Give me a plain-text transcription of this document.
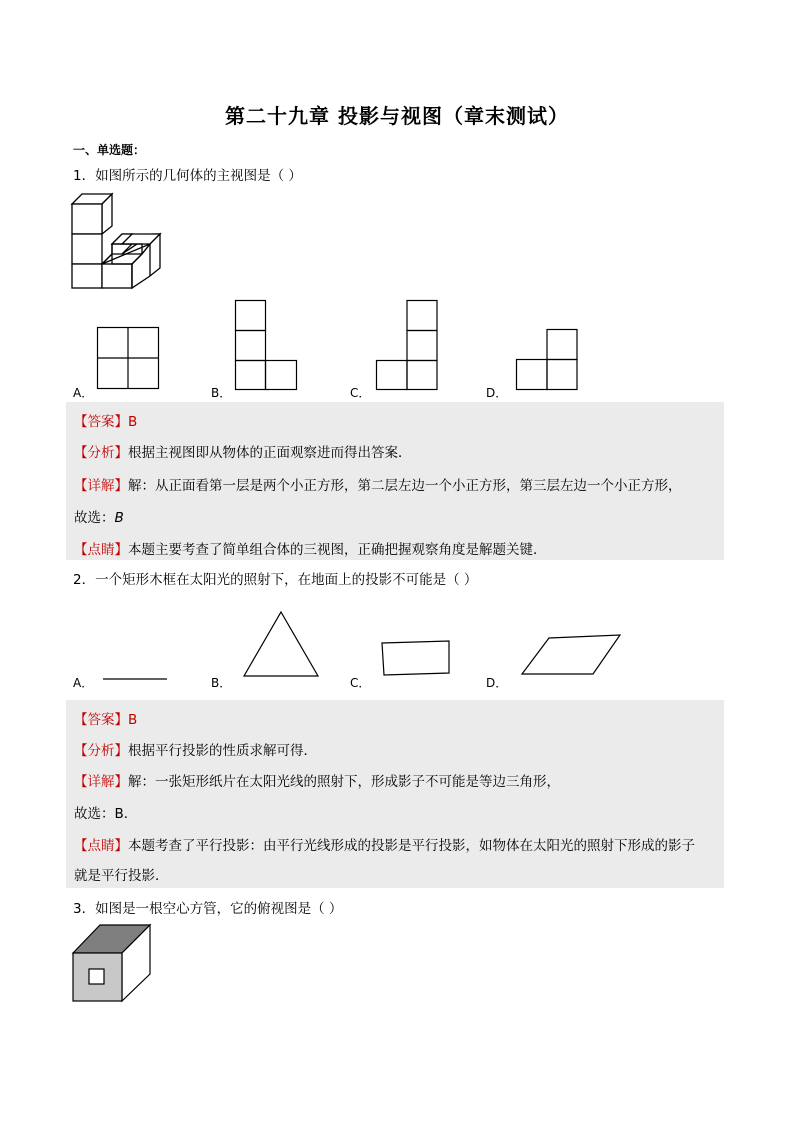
第二十九章 投影与视图（章末测试）
一、单选题：
1．如图所示的几何体的主视图是（ ）
A．	B．	C．	D．
【答案】B
【分析】根据主视图即从物体的正面观察进而得出答案．
【详解】解：从正面看第一层是两个小正方形，第二层左边一个小正方形，第三层左边一个小正方形，
故选：B
【点睛】本题主要考查了简单组合体的三视图，正确把握观察角度是解题关键．
2．一个矩形木框在太阳光的照射下，在地面上的投影不可能是（ ）
A．	B．	C．	D．
【答案】B
【分析】根据平行投影的性质求解可得．
【详解】解：一张矩形纸片在太阳光线的照射下，形成影子不可能是等边三角形，
故选：B．
【点睛】本题考查了平行投影：由平行光线形成的投影是平行投影，如物体在太阳光的照射下形成的影子
就是平行投影．
3．如图是一根空心方管，它的俯视图是（ ）
